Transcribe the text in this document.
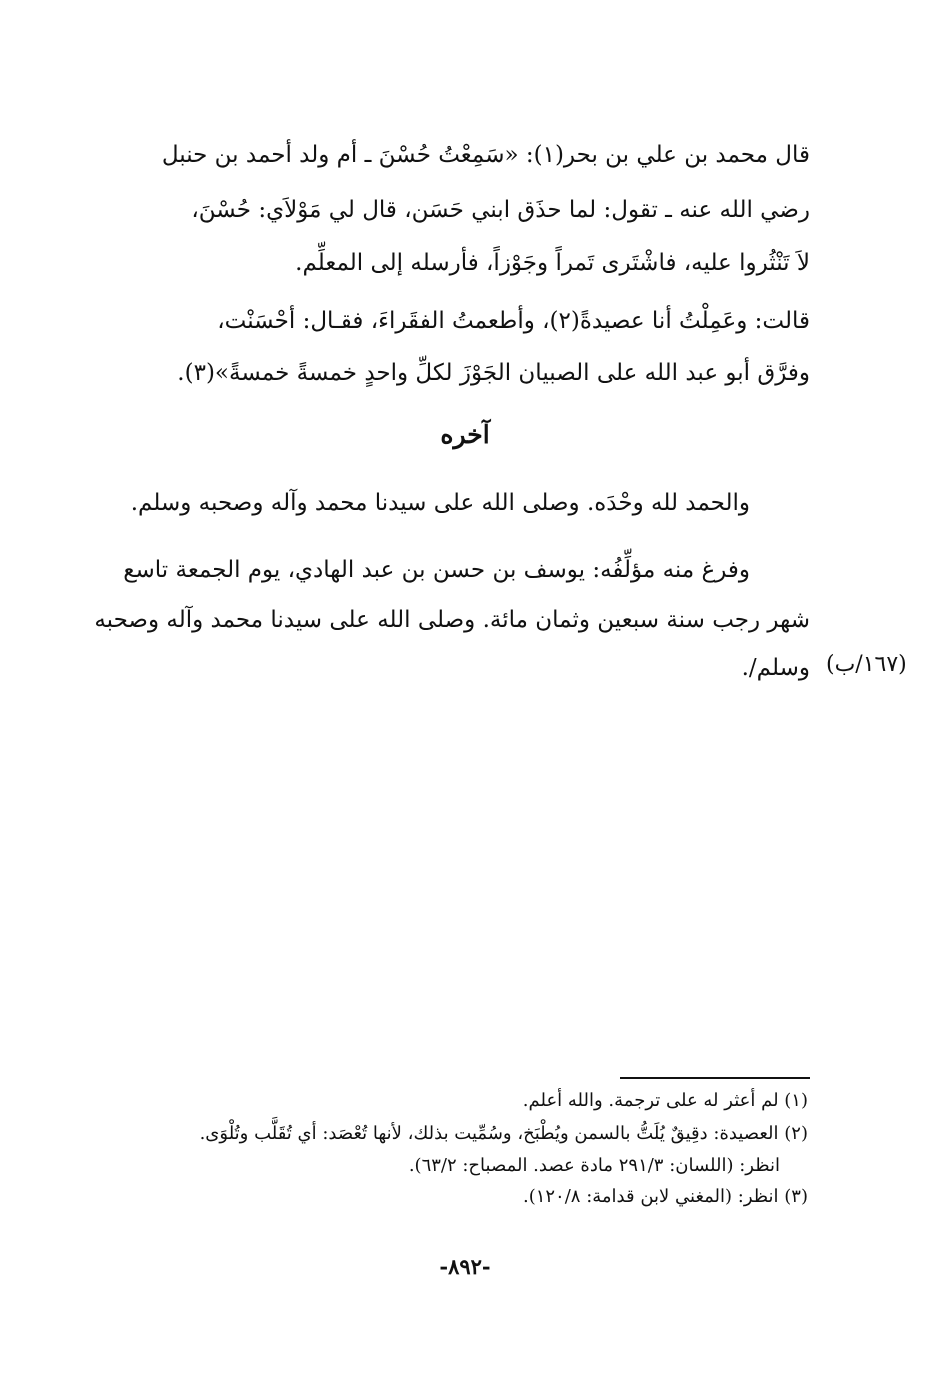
قال محمد بن علي بن بحر(١): «سَمِعْتُ حُسْنَ ـ أم ولد أحمد بن حنبل
رضي الله عنه ـ تقول: لما حذَق ابني حَسَن، قال لي مَوْلاَي: حُسْنَ،
لاَ تَنْثُروا عليه، فاشْتَرى تَمراً وجَوْزاً، فأرسله إلى المعلِّم.
قالت: وعَمِلْتُ أنا عصيدةً(٢)، وأطعمتُ الفقَراءَ، فقـال: أحْسَنْت،
وفرَّق أبو عبد الله على الصبيان الجَوْزَ لكلِّ واحدٍ خمسةً خمسةً»(٣).
آخره
والحمد لله وحْدَه. وصلى الله على سيدنا محمد وآله وصحبه وسلم.
وفرغ منه مؤلِّفُه: يوسف بن حسن بن عبد الهادي، يوم الجمعة تاسع
شهر رجب سنة سبعين وثمان مائة. وصلى الله على سيدنا محمد وآله وصحبه
وسلم/. (١٦٧/ب)
(١) لم أعثر له على ترجمة. والله أعلم.
(٢) العصيدة: دقِيقٌ يُلَتُّ بالسمن ويُطْبَخ، وسُمِّيت بذلك، لأنها تُعْصَد: أي تُقَلَّب وتُلْوَى.
انظر: (اللسان: ٢٩١/٣ مادة عصد. المصباح: ٦٣/٢).
(٣) انظر: (المغني لابن قدامة: ١٢٠/٨).
-٨٩٢-
